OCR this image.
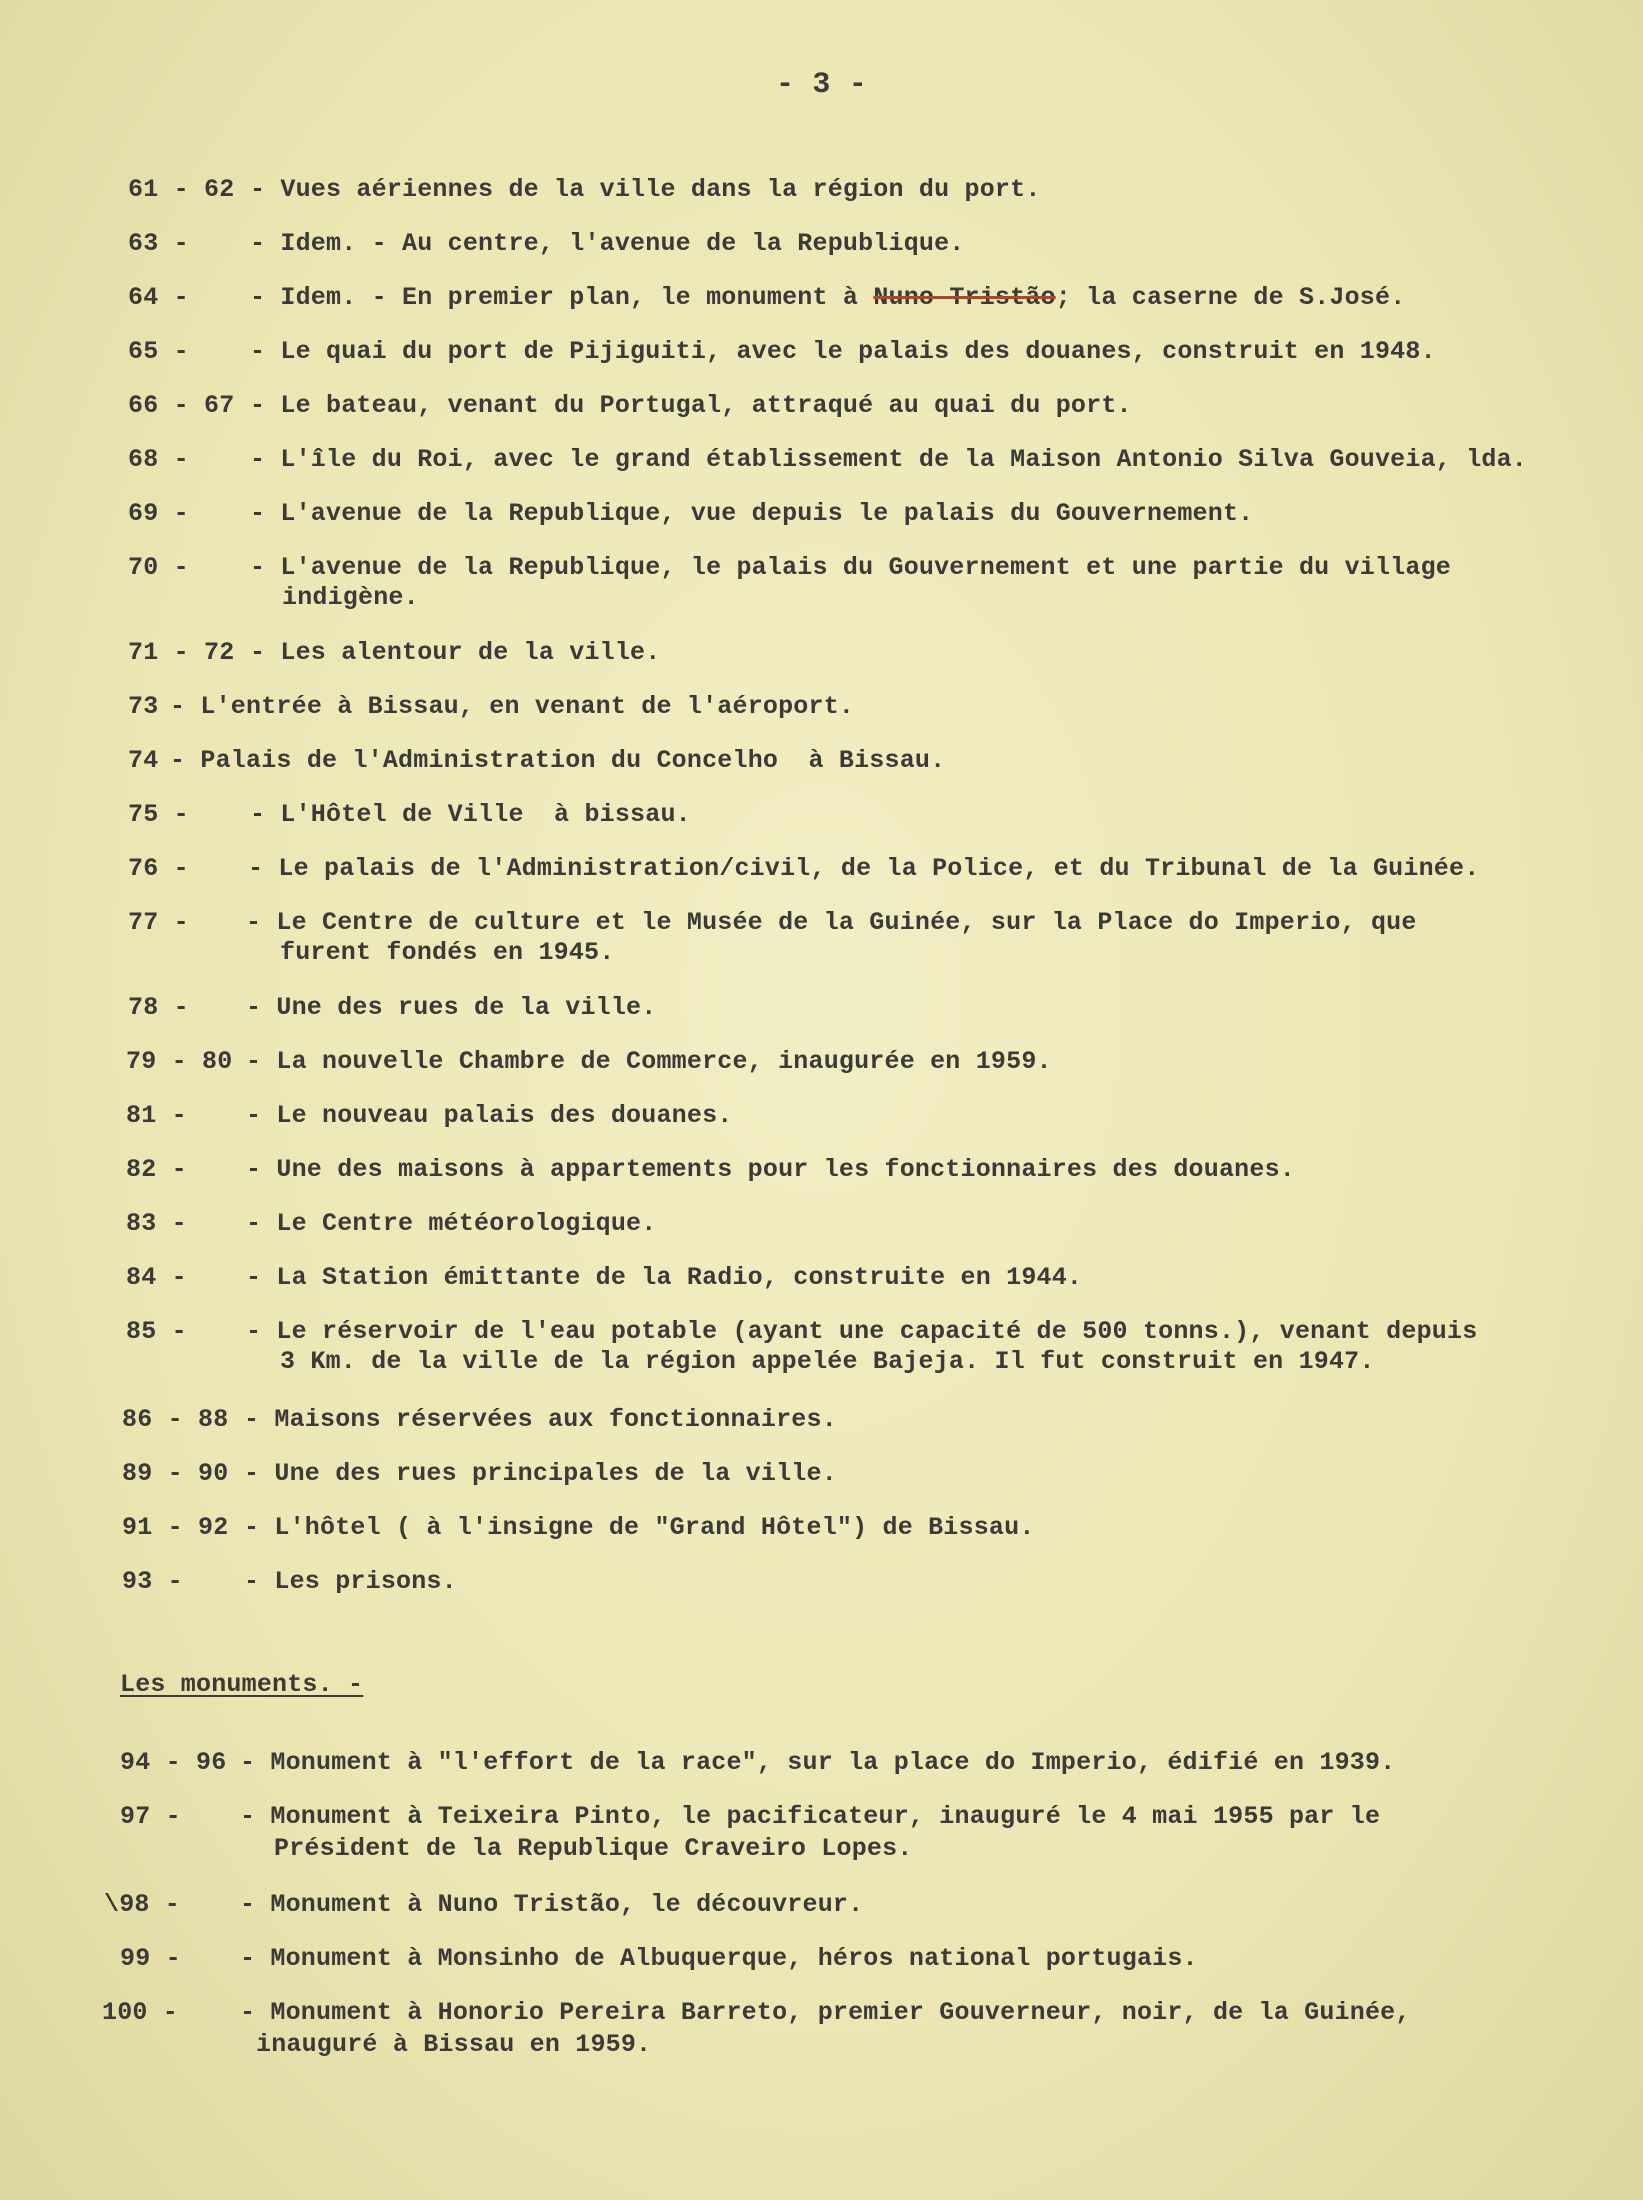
- 3 -
61 - 62 - Vues aériennes de la ville dans la région du port.
63 - - Idem. - Au centre, l'avenue de la Republique.
64 - - Idem. - En premier plan, le monument à Nuno Tristão; la caserne de S.José.
65 - - Le quai du port de Pijiguiti, avec le palais des douanes, construit en 1948.
66 - 67 - Le bateau, venant du Portugal, attraqué au quai du port.
68 - - L'île du Roi, avec le grand établissement de la Maison Antonio Silva Gouveia, lda.
69 - - L'avenue de la Republique, vue depuis le palais du Gouvernement.
70 - - L'avenue de la Republique, le palais du Gouvernement et une partie du village
indigène.
71 - 72 - Les alentour de la ville.
73 - L'entrée à Bissau, en venant de l'aéroport.
74 - Palais de l'Administration du Concelho  à Bissau.
75 - - L'Hôtel de Ville  à bissau.
76 - - Le palais de l'Administration/civil, de la Police, et du Tribunal de la Guinée.
77 - - Le Centre de culture et le Musée de la Guinée, sur la Place do Imperio, que
furent fondés en 1945.
78 - - Une des rues de la ville.
79 - 80 - La nouvelle Chambre de Commerce, inaugurée en 1959.
81 - - Le nouveau palais des douanes.
82 - - Une des maisons à appartements pour les fonctionnaires des douanes.
83 - - Le Centre météorologique.
84 - - La Station émittante de la Radio, construite en 1944.
85 - - Le réservoir de l'eau potable (ayant une capacité de 500 tonns.), venant depuis
3 Km. de la ville de la région appelée Bajeja. Il fut construit en 1947.
86 - 88 - Maisons réservées aux fonctionnaires.
89 - 90 - Une des rues principales de la ville.
91 - 92 - L'hôtel ( à l'insigne de "Grand Hôtel") de Bissau.
93 - - Les prisons.
Les monuments. -
94 - 96 - Monument à "l'effort de la race", sur la place do Imperio, édifié en 1939.
97 - - Monument à Teixeira Pinto, le pacificateur, inauguré le 4 mai 1955 par le
Président de la Republique Craveiro Lopes.
\98 - - Monument à Nuno Tristão, le découvreur.
99 - - Monument à Monsinho de Albuquerque, héros national portugais.
100 - - Monument à Honorio Pereira Barreto, premier Gouverneur, noir, de la Guinée,
inauguré à Bissau en 1959.
